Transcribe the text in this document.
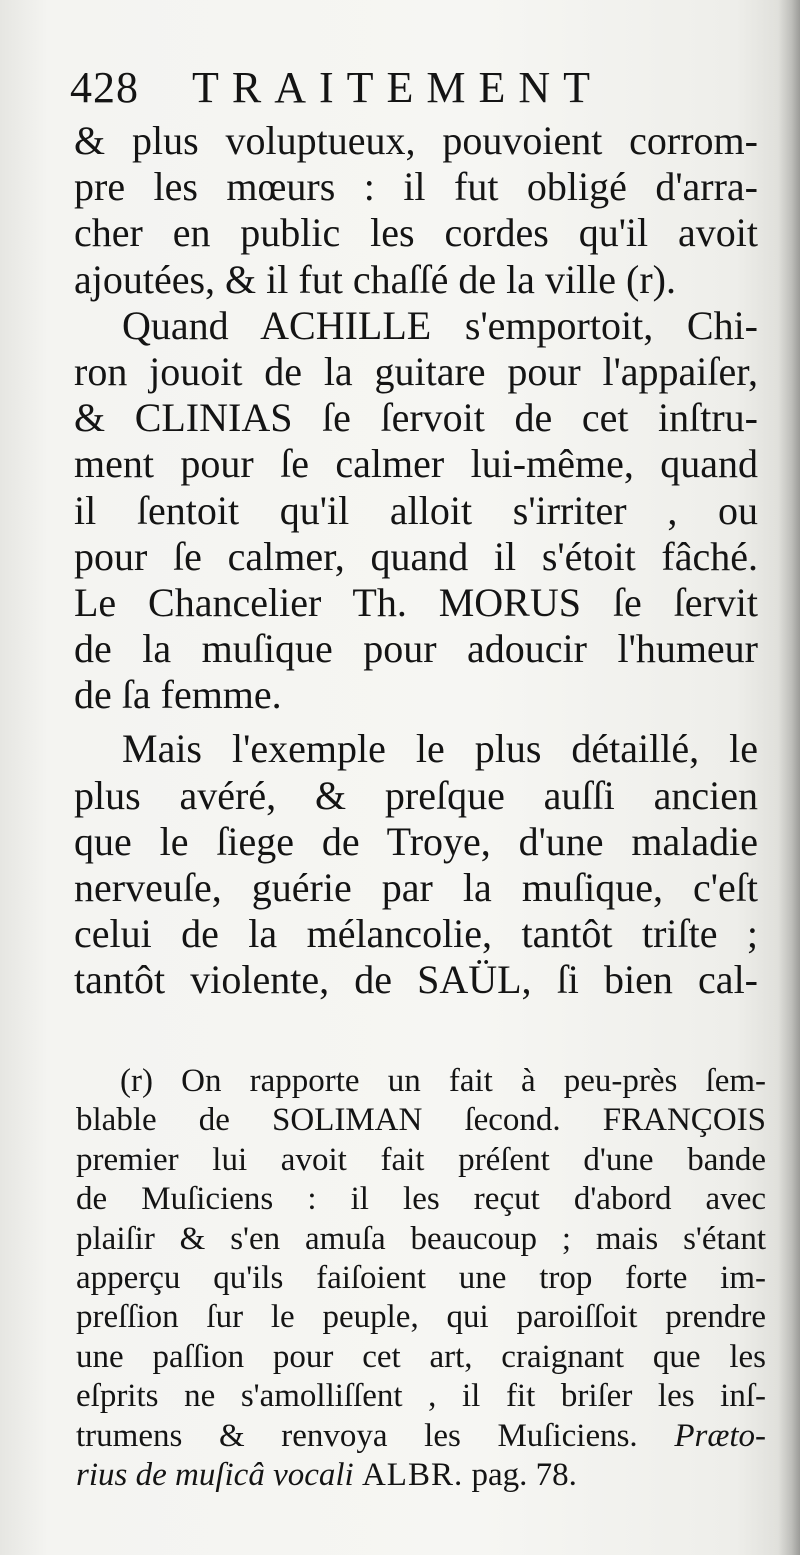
428 TRAITEMENT
& plus voluptueux, pouvoient corrom-
pre les mœurs : il fut obligé d'arra-
cher en public les cordes qu'il avoit
ajoutées, & il fut chaſſé de la ville (r).
Quand ACHILLE s'emportoit, Chi-
ron jouoit de la guitare pour l'appaiſer,
& CLINIAS ſe ſervoit de cet inſtru-
ment pour ſe calmer lui-même, quand
il ſentoit qu'il alloit s'irriter , ou
pour ſe calmer, quand il s'étoit fâché.
Le Chancelier Th. MORUS ſe ſervit
de la muſique pour adoucir l'humeur
de ſa femme.
Mais l'exemple le plus détaillé, le
plus avéré, & preſque auſſi ancien
que le ſiege de Troye, d'une maladie
nerveuſe, guérie par la muſique, c'eſt
celui de la mélancolie, tantôt triſte ;
tantôt violente, de SAÜL, ſi bien cal-
(r) On rapporte un fait à peu-près ſem-
blable de SOLIMAN ſecond. FRANÇOIS
premier lui avoit fait préſent d'une bande
de Muſiciens : il les reçut d'abord avec
plaiſir & s'en amuſa beaucoup ; mais s'étant
apperçu qu'ils faiſoient une trop forte im-
preſſion ſur le peuple, qui paroiſſoit prendre
une paſſion pour cet art, craignant que les
eſprits ne s'amolliſſent , il fit briſer les inſ-
trumens & renvoya les Muſiciens. Præto-
rius de muſicâ vocali ALBR. pag. 78.
